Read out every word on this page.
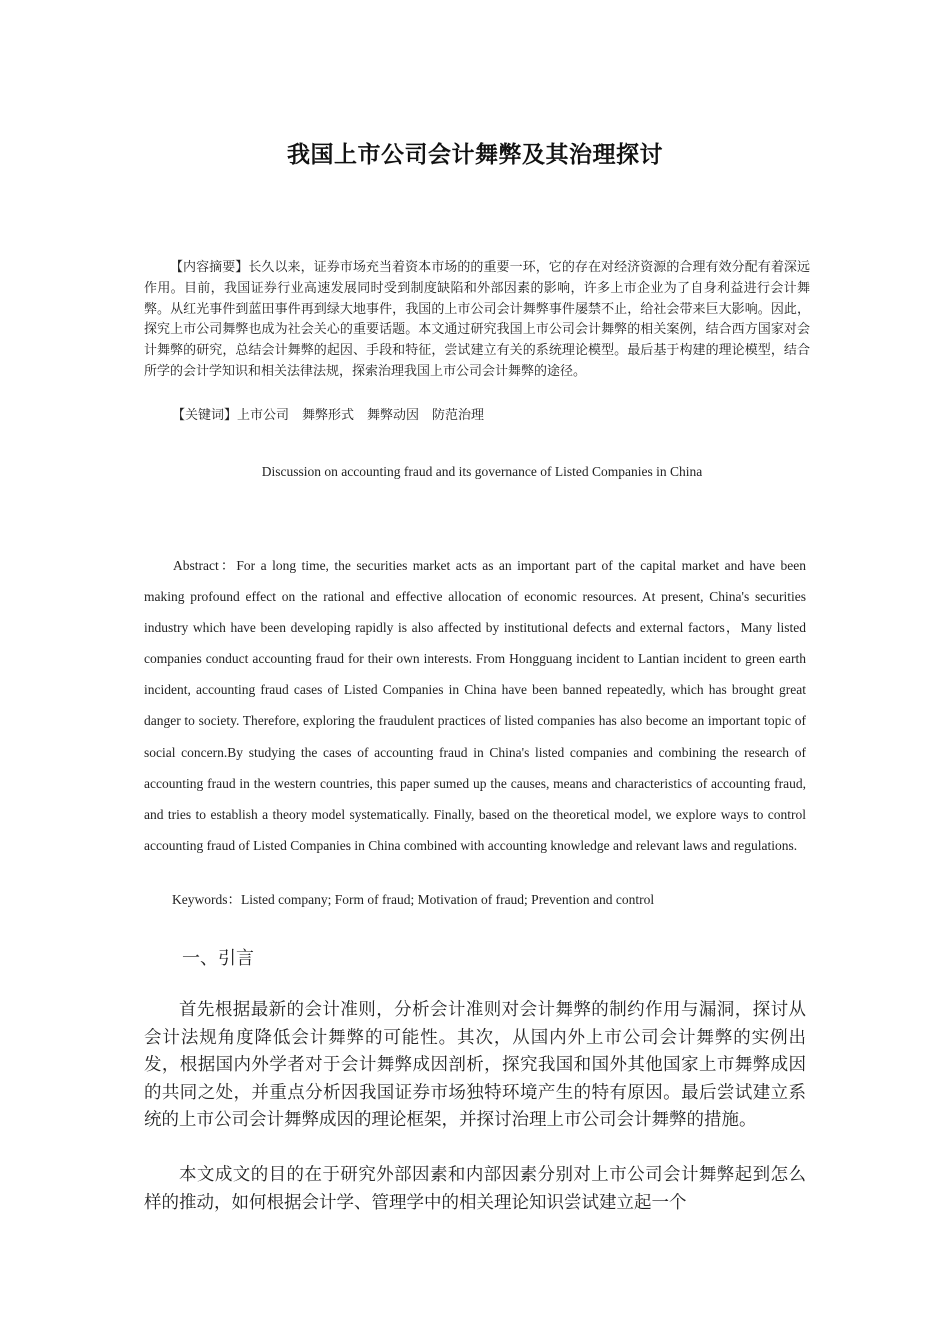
我国上市公司会计舞弊及其治理探讨
【内容摘要】长久以来，证券市场充当着资本市场的的重要一环，它的存在对经济资源的合理有效分配有着深远作用。目前，我国证券行业高速发展同时受到制度缺陷和外部因素的影响，许多上市企业为了自身利益进行会计舞弊。从红光事件到蓝田事件再到绿大地事件，我国的上市公司会计舞弊事件屡禁不止，给社会带来巨大影响。因此，探究上市公司舞弊也成为社会关心的重要话题。本文通过研究我国上市公司会计舞弊的相关案例，结合西方国家对会计舞弊的研究，总结会计舞弊的起因、手段和特征，尝试建立有关的系统理论模型。最后基于构建的理论模型，结合所学的会计学知识和相关法律法规，探索治理我国上市公司会计舞弊的途径。
【关键词】上市公司　舞弊形式　舞弊动因　防范治理
Discussion on accounting fraud and its governance of Listed Companies in China
Abstract：For a long time, the securities market acts as an important part of the capital market and have been making profound effect on the rational and effective allocation of economic resources. At present, China's securities industry which have been developing rapidly is also affected by institutional defects and external factors，Many listed companies conduct accounting fraud for their own interests. From Hongguang incident to Lantian incident to green earth incident, accounting fraud cases of Listed Companies in China have been banned repeatedly, which has brought great danger to society. Therefore, exploring the fraudulent practices of listed companies has also become an important topic of social concern.By studying the cases of accounting fraud in China's listed companies and combining the research of accounting fraud in the western countries, this paper sumed up the causes, means and characteristics of accounting fraud, and tries to establish a theory model systematically. Finally, based on the theoretical model, we explore ways to control accounting fraud of Listed Companies in China combined with accounting knowledge and relevant laws and regulations.
Keywords：Listed company; Form of fraud; Motivation of fraud; Prevention and control
一、引言
首先根据最新的会计准则，分析会计准则对会计舞弊的制约作用与漏洞，探讨从会计法规角度降低会计舞弊的可能性。其次，从国内外上市公司会计舞弊的实例出发，根据国内外学者对于会计舞弊成因剖析，探究我国和国外其他国家上市舞弊成因的共同之处，并重点分析因我国证券市场独特环境产生的特有原因。最后尝试建立系统的上市公司会计舞弊成因的理论框架，并探讨治理上市公司会计舞弊的措施。
本文成文的目的在于研究外部因素和内部因素分别对上市公司会计舞弊起到怎么样的推动，如何根据会计学、管理学中的相关理论知识尝试建立起一个
